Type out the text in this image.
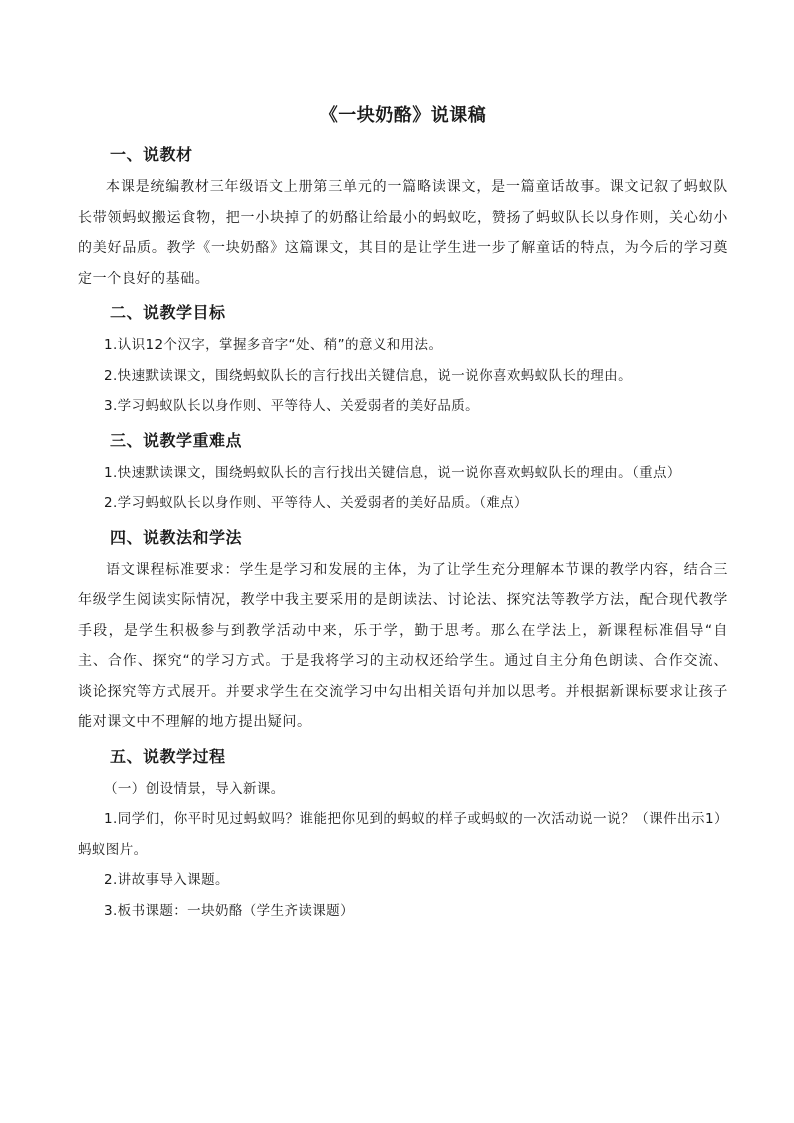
《一块奶酪》说课稿
一、说教材

本课是统编教材三年级语文上册第三单元的一篇略读课文，是一篇童话故事。课文记叙了蚂蚁队长带领蚂蚁搬运食物，把一小块掉了的奶酪让给最小的蚂蚁吃，赞扬了蚂蚁队长以身作则，关心幼小的美好品质。教学《一块奶酪》这篇课文，其目的是让学生进一步了解童话的特点，为今后的学习奠定一个良好的基础。

二、说教学目标

1.认识12个汉字，掌握多音字“处、稍”的意义和用法。

2.快速默读课文，围绕蚂蚁队长的言行找出关键信息，说一说你喜欢蚂蚁队长的理由。

3.学习蚂蚁队长以身作则、平等待人、关爱弱者的美好品质。

三、说教学重难点

1.快速默读课文，围绕蚂蚁队长的言行找出关键信息，说一说你喜欢蚂蚁队长的理由。（重点）

2.学习蚂蚁队长以身作则、平等待人、关爱弱者的美好品质。（难点）

四、说教法和学法

语文课程标准要求：学生是学习和发展的主体，为了让学生充分理解本节课的教学内容，结合三年级学生阅读实际情况，教学中我主要采用的是朗读法、讨论法、探究法等教学方法，配合现代教学手段，是学生积极参与到教学活动中来，乐于学，勤于思考。那么在学法上，新课程标准倡导“自主、合作、探究“的学习方式。于是我将学习的主动权还给学生。通过自主分角色朗读、合作交流、谈论探究等方式展开。并要求学生在交流学习中勾出相关语句并加以思考。并根据新课标要求让孩子能对课文中不理解的地方提出疑问。

五、说教学过程

（一）创设情景，导入新课。

1.同学们，你平时见过蚂蚁吗？谁能把你见到的蚂蚁的样子或蚂蚁的一次活动说一说？（课件出示1）蚂蚁图片。

2.讲故事导入课题。

3.板书课题：一块奶酪（学生齐读课题）
